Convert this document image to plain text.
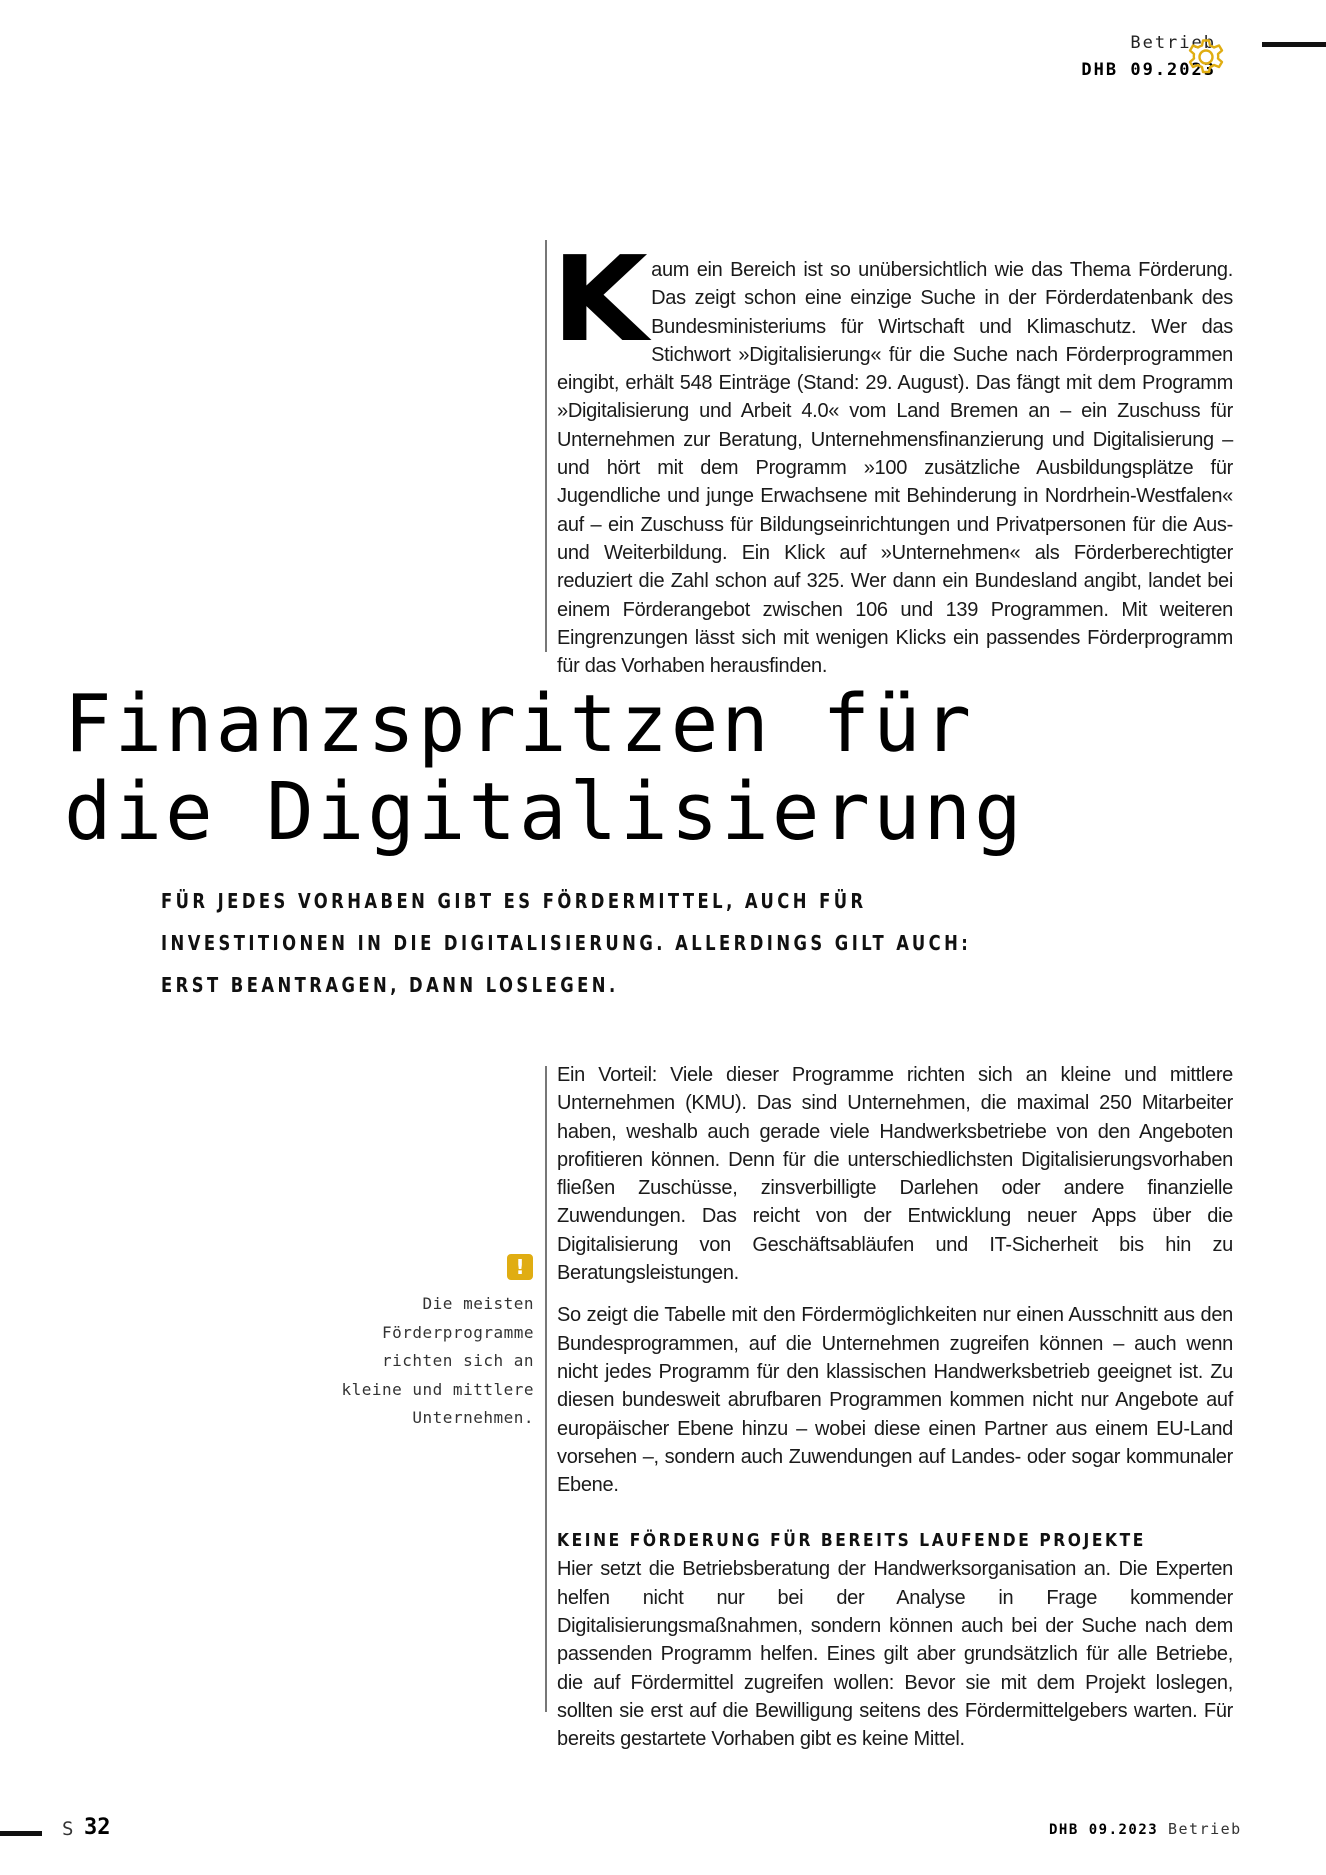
Betrieb
DHB 09.2023
K aum ein Bereich ist so unübersichtlich wie das Thema Förderung. Das zeigt schon eine einzige Suche in der Förderdatenbank des Bundesministeriums für Wirtschaft und Klimaschutz. Wer das Stichwort »Digitalisierung« für die Suche nach Förderprogrammen eingibt, erhält 548 Einträge (Stand: 29. August). Das fängt mit dem Programm »Digitalisierung und Arbeit 4.0« vom Land Bremen an – ein Zuschuss für Unternehmen zur Beratung, Unternehmensfinanzierung und Digitalisierung – und hört mit dem Programm »100 zusätzliche Ausbildungsplätze für Jugendliche und junge Erwachsene mit Behinderung in Nordrhein-Westfalen« auf – ein Zuschuss für Bildungseinrichtungen und Privatpersonen für die Aus- und Weiterbildung. Ein Klick auf »Unternehmen« als Förderberechtigter reduziert die Zahl schon auf 325. Wer dann ein Bundesland angibt, landet bei einem Förderangebot zwischen 106 und 139 Programmen. Mit weiteren Eingrenzungen lässt sich mit wenigen Klicks ein passendes Förderprogramm für das Vorhaben herausfinden.
Finanzspritzen für
die Digitalisierung
FÜR JEDES VORHABEN GIBT ES FÖRDERMITTEL, AUCH FÜR
INVESTITIONEN IN DIE DIGITALISIERUNG. ALLERDINGS GILT AUCH:
ERST BEANTRAGEN, DANN LOSLEGEN.
!
Die meisten
Förderprogramme
richten sich an
kleine und mittlere
Unternehmen.

Ein Vorteil: Viele dieser Programme richten sich an kleine und mittlere Unternehmen (KMU). Das sind Unternehmen, die maximal 250 Mitarbeiter haben, weshalb auch gerade viele Handwerksbetriebe von den Angeboten profitieren können. Denn für die unterschiedlichsten Digitalisierungsvorhaben fließen Zuschüsse, zinsverbilligte Darlehen oder andere finanzielle Zuwendungen. Das reicht von der Entwicklung neuer Apps über die Digitalisierung von Geschäftsabläufen und IT-Sicherheit bis hin zu Beratungsleistungen.

So zeigt die Tabelle mit den Fördermöglichkeiten nur einen Ausschnitt aus den Bundesprogrammen, auf die Unternehmen zugreifen können – auch wenn nicht jedes Programm für den klassischen Handwerksbetrieb geeignet ist. Zu diesen bundesweit abrufbaren Programmen kommen nicht nur Angebote auf europäischer Ebene hinzu – wobei diese einen Partner aus einem EU-Land vorsehen –, sondern auch Zuwendungen auf Landes- oder sogar kommunaler Ebene.

KEINE FÖRDERUNG FÜR BEREITS LAUFENDE PROJEKTE

Hier setzt die Betriebsberatung der Handwerksorganisation an. Die Experten helfen nicht nur bei der Analyse in Frage kommender Digitalisierungsmaßnahmen, sondern können auch bei der Suche nach dem passenden Programm helfen. Eines gilt aber grundsätzlich für alle Betriebe, die auf Fördermittel zugreifen wollen: Bevor sie mit dem Projekt loslegen, sollten sie erst auf die Bewilligung seitens des Fördermittelgebers warten. Für bereits gestartete Vorhaben gibt es keine Mittel.

S 32	DHB 09.2023 Betrieb
